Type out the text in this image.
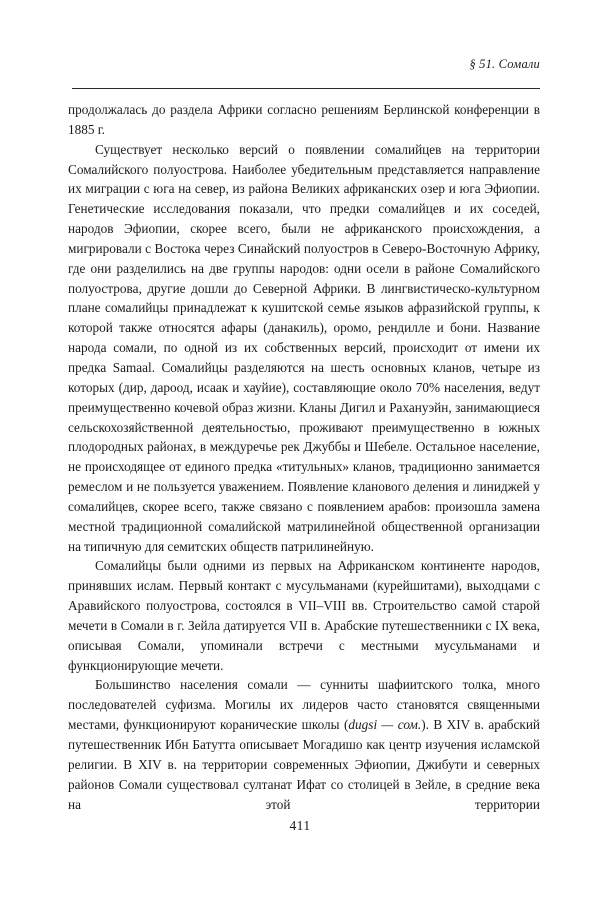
§ 51. Сомали

продолжалась до раздела Африки согласно решениям Берлинской конференции в 1885 г.

Существует несколько версий о появлении сомалийцев на территории Сомалийского полуострова. Наиболее убедительным представляется направление их миграции с юга на север, из района Великих африканских озер и юга Эфиопии. Генетические исследования показали, что предки сомалийцев и их соседей, народов Эфиопии, скорее всего, были не африканского происхождения, а мигрировали с Востока через Синайский полуостров в Северо-Восточную Африку, где они разделились на две группы народов: одни осели в районе Сомалийского полуострова, другие дошли до Северной Африки. В лингвистическо-культурном плане сомалийцы принадлежат к кушитской семье языков афразийской группы, к которой также относятся афары (данакиль), оромо, рендилле и бони. Название народа сомали, по одной из их собственных версий, происходит от имени их предка Samaal. Сомалийцы разделяются на шесть основных кланов, четыре из которых (дир, дароод, исаак и хауйие), составляющие около 70% населения, ведут преимущественно кочевой образ жизни. Кланы Дигил и Рахануэйн, занимающиеся сельскохозяйственной деятельностью, проживают преимущественно в южных плодородных районах, в междуречье рек Джуббы и Шебеле. Остальное население, не происходящее от единого предка «титульных» кланов, традиционно занимается ремеслом и не пользуется уважением. Появление кланового деления и линиджей у сомалийцев, скорее всего, также связано с появлением арабов: произошла замена местной традиционной сомалийской матрилинейной общественной организации на типичную для семитских обществ патрилинейную.

Сомалийцы были одними из первых на Африканском континенте народов, принявших ислам. Первый контакт с мусульманами (курейшитами), выходцами с Аравийского полуострова, состоялся в VII–VIII вв. Строительство самой старой мечети в Сомали в г. Зейла датируется VII в. Арабские путешественники с IX века, описывая Сомали, упоминали встречи с местными мусульманами и функционирующие мечети.

Большинство населения сомали — сунниты шафиитского толка, много последователей суфизма. Могилы их лидеров часто становятся священными местами, функционируют коранические школы (dugsi — сом.). В XIV в. арабский путешественник Ибн Батутта описывает Могадишо как центр изучения исламской религии. В XIV в. на территории современных Эфиопии, Джибути и северных районов Сомали существовал султанат Ифат со столицей в Зейле, в средние века на этой территории

411
